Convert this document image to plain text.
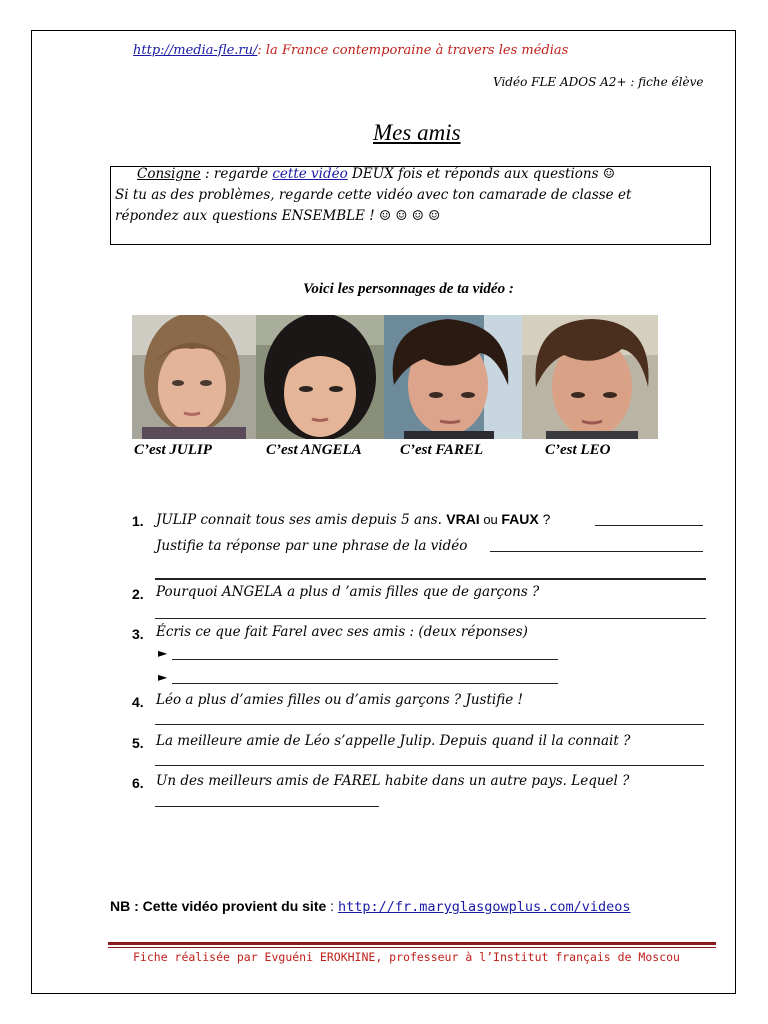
http://media-fle.ru/: la France contemporaine à travers les médias
Vidéo FLE ADOS A2+ : fiche élève
Mes amis
Consigne : regarde cette vidéo DEUX fois et réponds aux questions ☺
Si tu as des problèmes, regarde cette vidéo avec ton camarade de classe et
répondez aux questions ENSEMBLE ! ☺ ☺ ☺ ☺
Voici les personnages de ta vidéo :
C’est JULIP	C’est ANGELA	C’est FAREL	C’est LEO
1. JULIP connait tous ses amis depuis 5 ans. VRAI ou FAUX ?
Justifie ta réponse par une phrase de la vidéo
2. Pourquoi ANGELA a plus d ’amis filles que de garçons ?
3. Écris ce que fait Farel avec ses amis : (deux réponses)
►
►
4. Léo a plus d’amies filles ou d’amis garçons ? Justifie !
5. La meilleure amie de Léo s’appelle Julip. Depuis quand il la connait ?
6. Un des meilleurs amis de FAREL habite dans un autre pays. Lequel ?
NB : Cette vidéo provient du site : http://fr.maryglasgowplus.com/videos
Fiche réalisée par Evguéni EROKHINE, professeur à l’Institut français de Moscou
